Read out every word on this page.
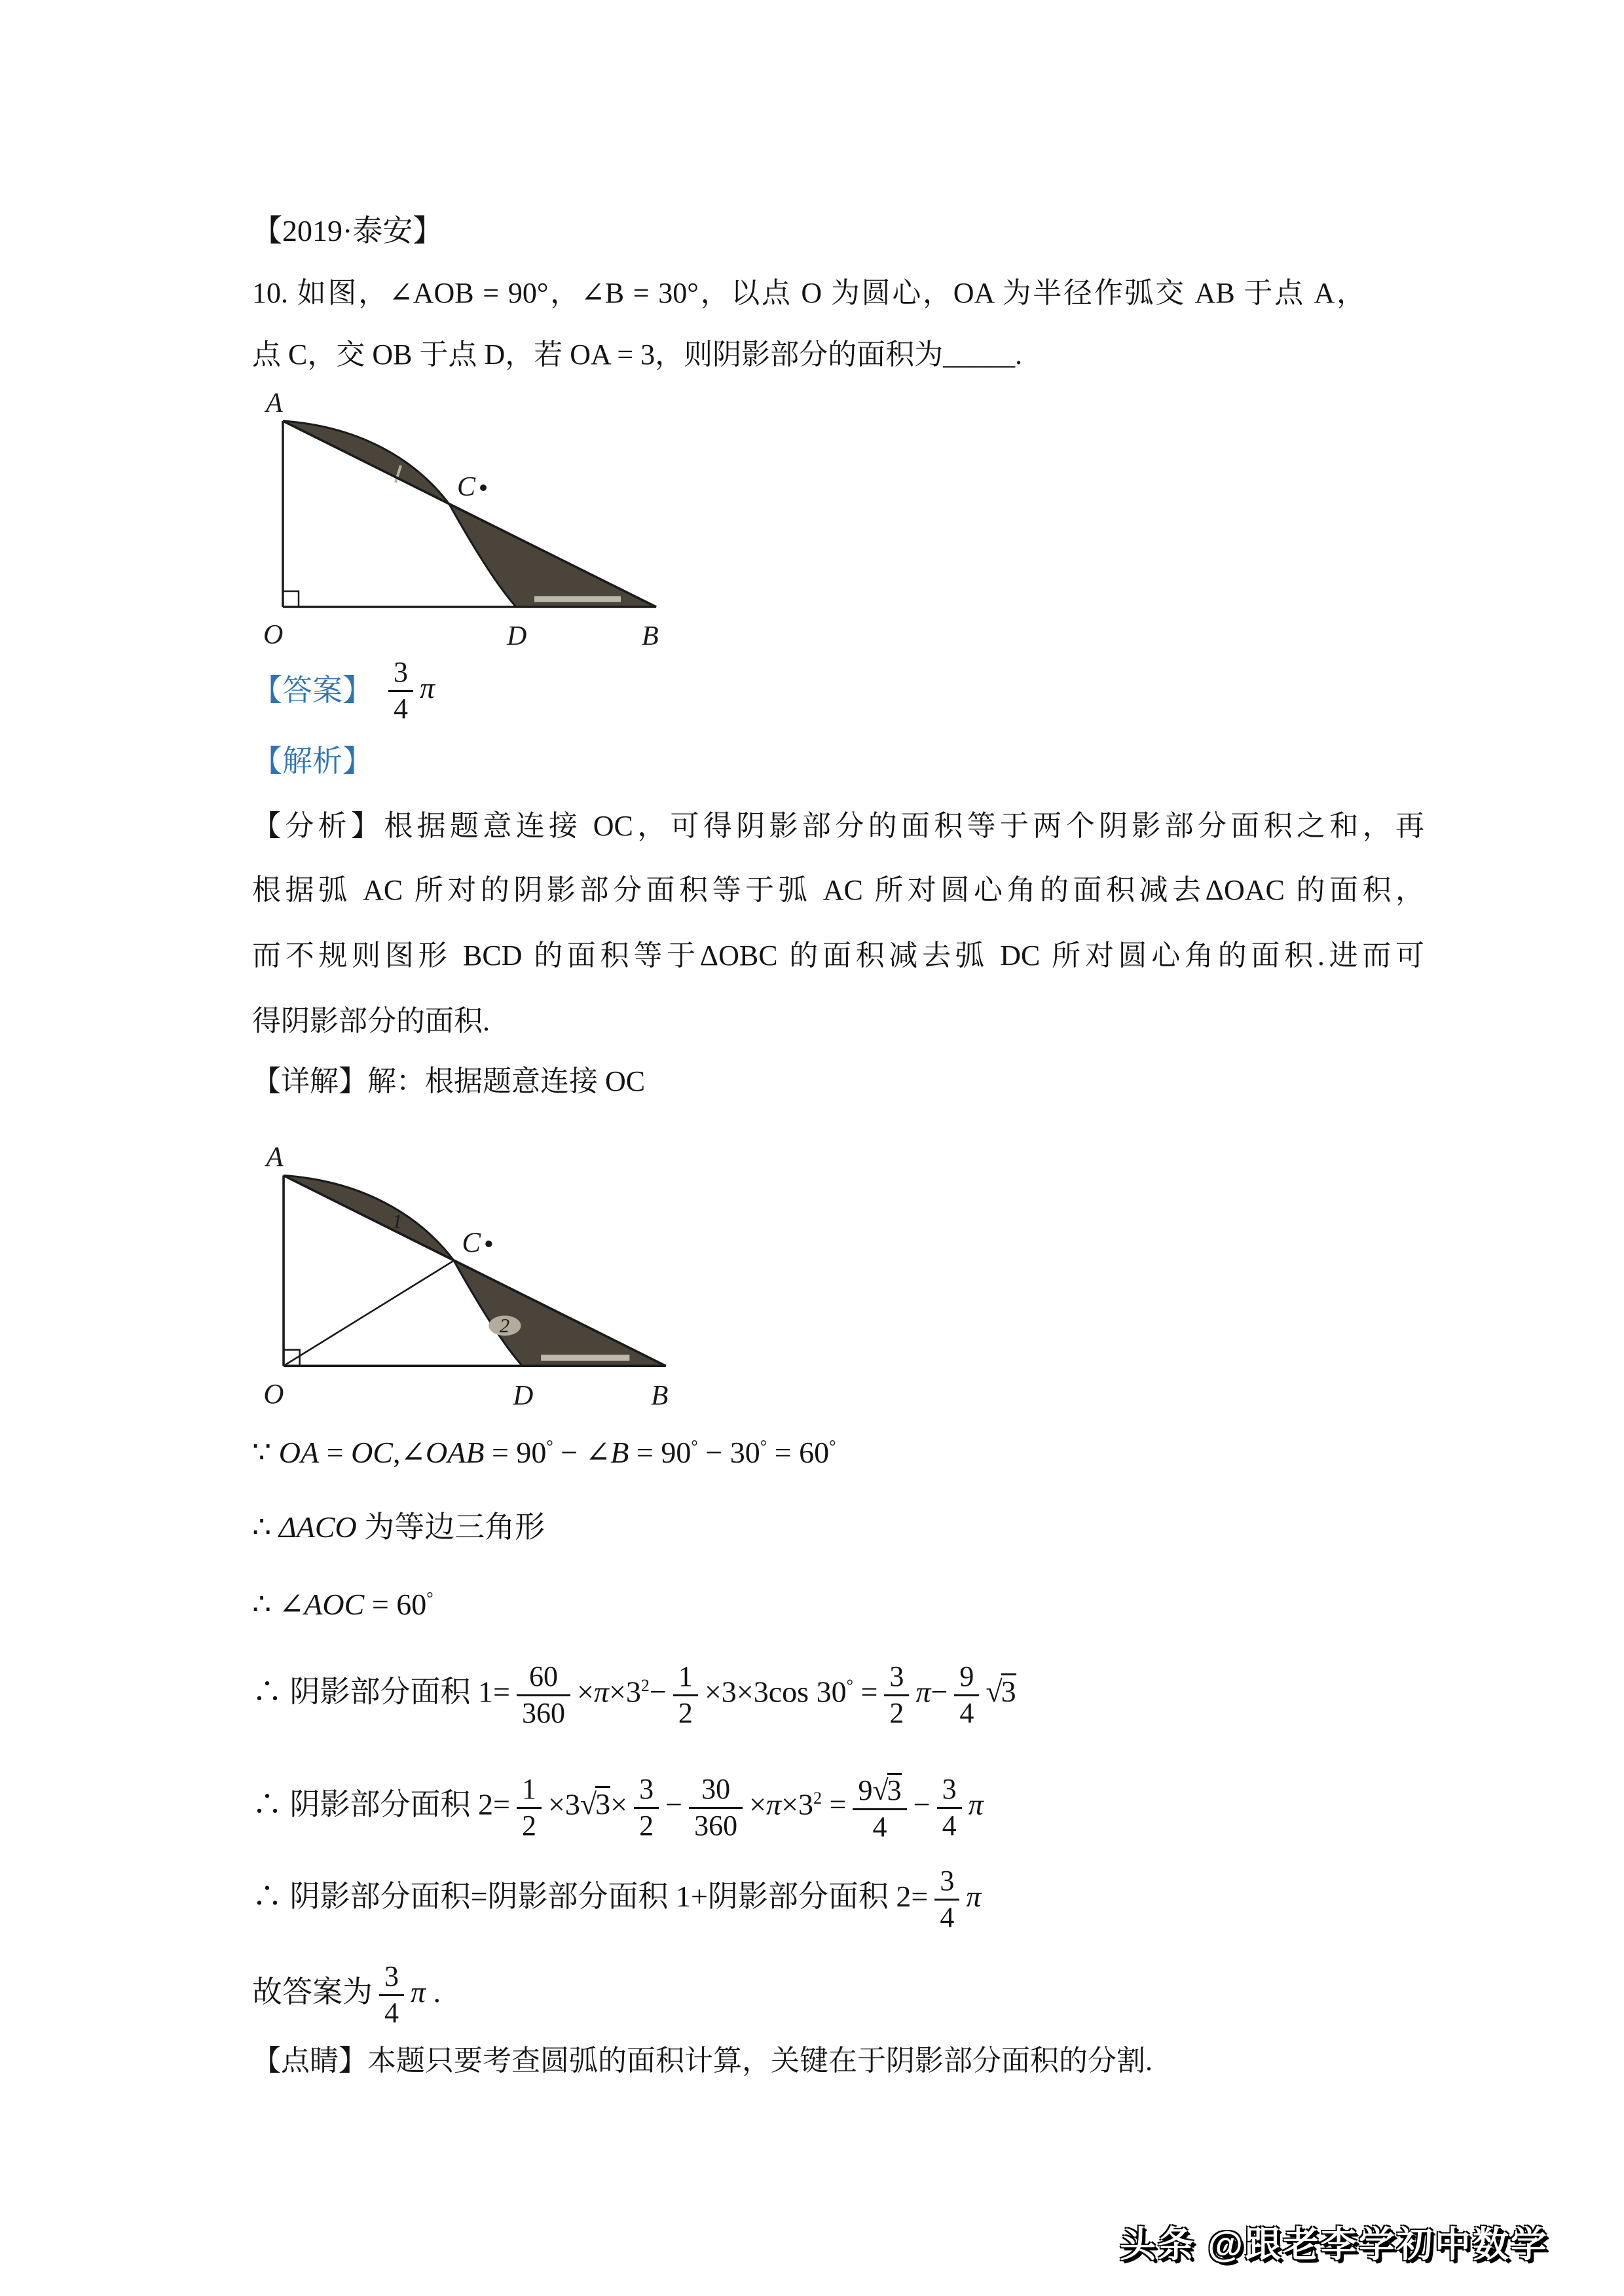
【2019·泰安】
10. 如图，∠AOB = 90°，∠B = 30°，以点 O 为圆心，OA 为半径作弧交 AB 于点 A，
点 C，交 OB 于点 D，若 OA = 3，则阴影部分的面积为_____.
A
O
C
D	B
【答案】 $\frac{3}{4}$ π
【解析】
【分析】根据题意连接 OC，可得阴影部分的面积等于两个阴影部分面积之和，再
根据弧 AC 所对的阴影部分面积等于弧 AC 所对圆心角的面积减去ΔOAC 的面积，
而不规则图形 BCD 的面积等于ΔOBC 的面积减去弧 DC 所对圆心角的面积.进而可
得阴影部分的面积.
【详解】解：根据题意连接 OC
1
2
A
O
C
D	B
∵ OA = OC,∠OAB = 90° − ∠B = 90° − 30° = 60°
∴ ΔACO 为等边三角形
∴ ∠AOC = 60°
∴ 阴影部分面积 $1= \frac{60}{360} \times\pi\times 3^2- \frac{1}{2} \times 3\times 3\cos$ $30^\circ = \frac{3}{2} \pi- \frac{9}{4} √3$
∴ 阴影部分面积 $2= \frac{1}{2} \times 3√3\times \frac{3}{2} - \frac{30}{360} \times\pi\times 3^2 = \frac{9√3}{4} - \frac{3}{4}$ π
∴ 阴影部分面积=阴影部分面积 1+阴影部分面积 $2= \frac{3}{4}$ π
故答案为 $\frac{3}{4}$ π .
【点睛】本题只要考查圆弧的面积计算，关键在于阴影部分面积的分割.
头条 @跟老李学初中数学
